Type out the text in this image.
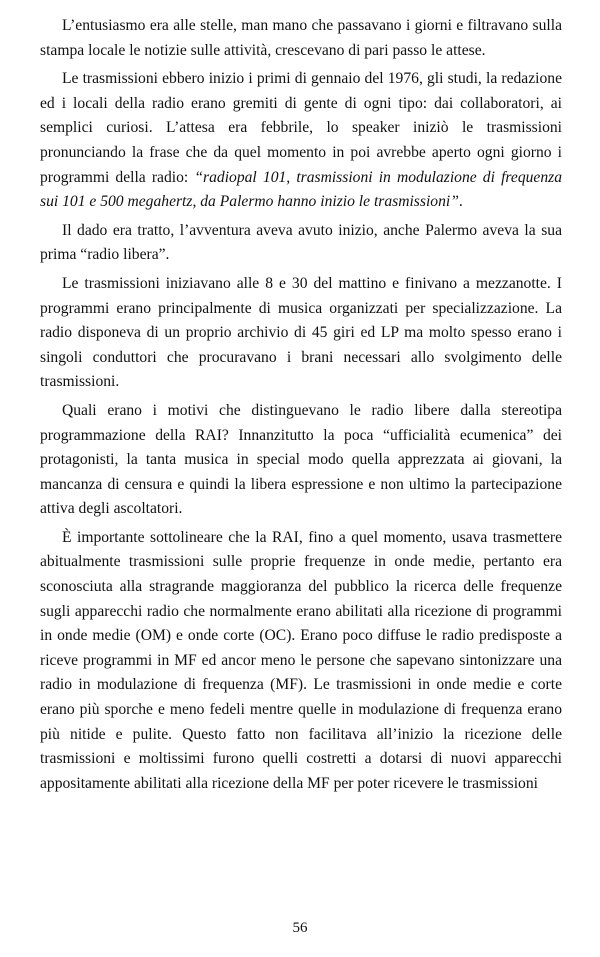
L’entusiasmo era alle stelle, man mano che passavano i giorni e filtravano sulla stampa locale le notizie sulle attività, crescevano di pari passo le attese.

Le trasmissioni ebbero inizio i primi di gennaio del 1976, gli studi, la redazione ed i locali della radio erano gremiti di gente di ogni tipo: dai collaboratori, ai semplici curiosi. L’attesa era febbrile, lo speaker iniziò le trasmissioni pronunciando la frase che da quel momento in poi avrebbe aperto ogni giorno i programmi della radio: “radiopal 101, trasmissioni in modulazione di frequenza sui 101 e 500 megahertz, da Palermo hanno inizio le trasmissioni”.

Il dado era tratto, l’avventura aveva avuto inizio, anche Palermo aveva la sua prima “radio libera”.

Le trasmissioni iniziavano alle 8 e 30 del mattino e finivano a mezzanotte. I programmi erano principalmente di musica organizzati per specializzazione. La radio disponeva di un proprio archivio di 45 giri ed LP ma molto spesso erano i singoli conduttori che procuravano i brani necessari allo svolgimento delle trasmissioni.

Quali erano i motivi che distinguevano le radio libere dalla stereotipa programmazione della RAI? Innanzitutto la poca “ufficialità ecumenica” dei protagonisti, la tanta musica in special modo quella apprezzata ai giovani, la mancanza di censura e quindi la libera espressione e non ultimo la partecipazione attiva degli ascoltatori.

È importante sottolineare che la RAI, fino a quel momento, usava trasmettere abitualmente trasmissioni sulle proprie frequenze in onde medie, pertanto era sconosciuta alla stragrande maggioranza del pubblico la ricerca delle frequenze sugli apparecchi radio che normalmente erano abilitati alla ricezione di programmi in onde medie (OM) e onde corte (OC). Erano poco diffuse le radio predisposte a riceve programmi in MF ed ancor meno le persone che sapevano sintonizzare una radio in modulazione di frequenza (MF). Le trasmissioni in onde medie e corte erano più sporche e meno fedeli mentre quelle in modulazione di frequenza erano più nitide e pulite. Questo fatto non facilitava all’inizio la ricezione delle trasmissioni e moltissimi furono quelli costretti a dotarsi di nuovi apparecchi appositamente abilitati alla ricezione della MF per poter ricevere le trasmissioni

56
